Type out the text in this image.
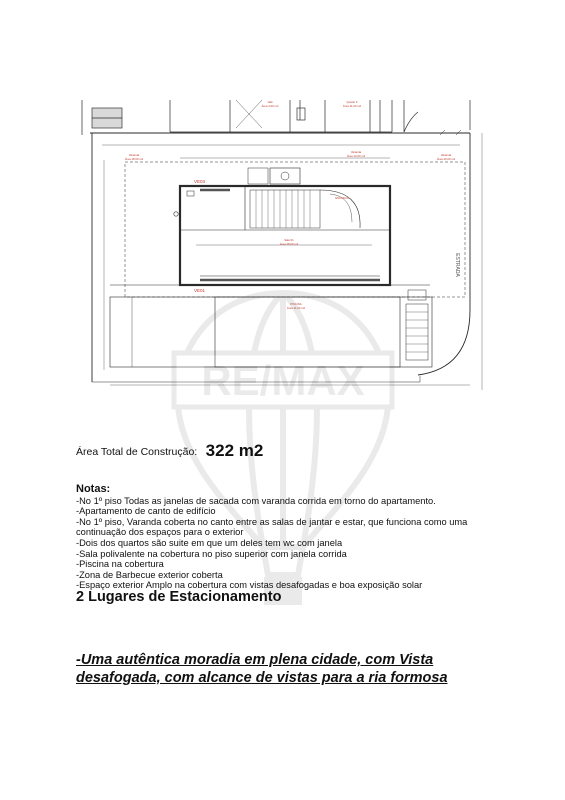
Hall
Área 4,00 m2
Quarto 3
Área 11,00 m2
Varanda
Área 18,60 m2
Varanda
Área 13,00 m2	Varanda
Área 20,00 m2
Sala 01
Área 28,00 m2
PISCINA
Área 11,00 m2
ESCADAS
VE03
VE01
ESTRADA
RE/MAX
Área Total de Construção: 322 m2
Notas:
-No 1º piso Todas as janelas de sacada com varanda corrida em torno do apartamento.
-Apartamento de canto de edifício
-No 1º piso, Varanda coberta no canto entre as salas de jantar e estar, que funciona como uma
continuação dos espaços para o exterior
-Dois dos quartos são suite em que um deles tem wc com janela
-Sala polivalente na cobertura no piso superior com janela corrida
-Piscina na cobertura
-Zona de Barbecue exterior coberta
-Espaço exterior Amplo na cobertura com vistas desafogadas e boa exposição solar
2 Lugares de Estacionamento
-Uma autêntica moradia em plena cidade, com Vista
desafogada, com alcance de vistas para a ria formosa
